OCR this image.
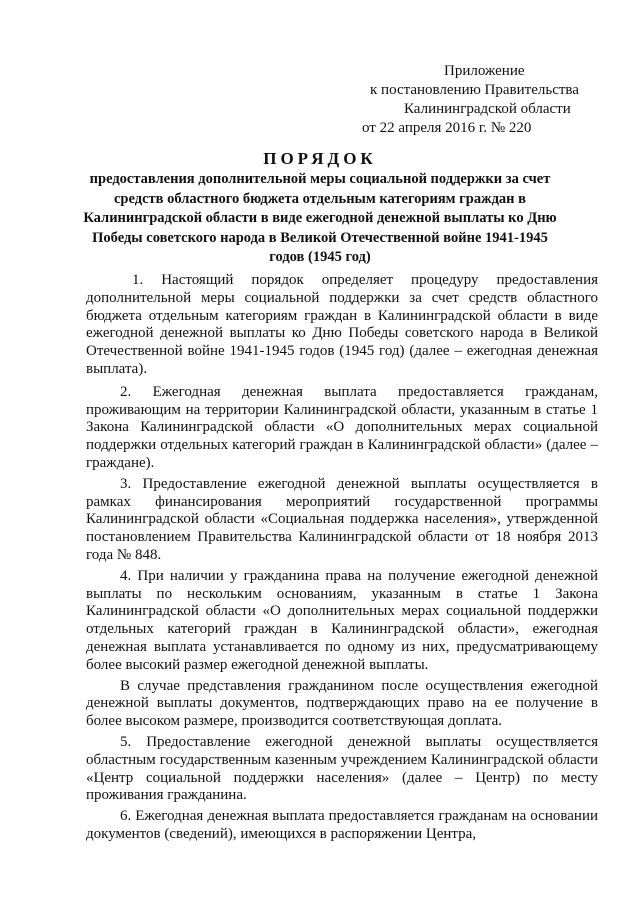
Приложение
к постановлению Правительства
Калининградской области
от 22 апреля 2016 г. № 220
ПОРЯДОК
предоставления дополнительной меры социальной поддержки за счет средств областного бюджета отдельным категориям граждан в Калининградской области в виде ежегодной денежной выплаты ко Дню Победы советского народа в Великой Отечественной войне 1941-1945 годов (1945 год)

1. Настоящий порядок определяет процедуру предоставления дополнительной меры социальной поддержки за счет средств областного бюджета отдельным категориям граждан в Калининградской области в виде ежегодной денежной выплаты ко Дню Победы советского народа в Великой Отечественной войне 1941-1945 годов (1945 год) (далее – ежегодная денежная выплата).

2. Ежегодная денежная выплата предоставляется гражданам, проживающим на территории Калининградской области, указанным в статье 1 Закона Калининградской области «О дополнительных мерах социальной поддержки отдельных категорий граждан в Калининградской области» (далее – граждане).

3. Предоставление ежегодной денежной выплаты осуществляется в рамках финансирования мероприятий государственной программы Калининградской области «Социальная поддержка населения», утвержденной постановлением Правительства Калининградской области от 18 ноября 2013 года № 848.

4. При наличии у гражданина права на получение ежегодной денежной выплаты по нескольким основаниям, указанным в статье 1 Закона Калининградской области «О дополнительных мерах социальной поддержки отдельных категорий граждан в Калининградской области», ежегодная денежная выплата устанавливается по одному из них, предусматривающему более высокий размер ежегодной денежной выплаты.

В случае представления гражданином после осуществления ежегодной денежной выплаты документов, подтверждающих право на ее получение в более высоком размере, производится соответствующая доплата.

5. Предоставление ежегодной денежной выплаты осуществляется областным государственным казенным учреждением Калининградской области «Центр социальной поддержки населения» (далее – Центр) по месту проживания гражданина.

6. Ежегодная денежная выплата предоставляется гражданам на основании документов (сведений), имеющихся в распоряжении Центра,
